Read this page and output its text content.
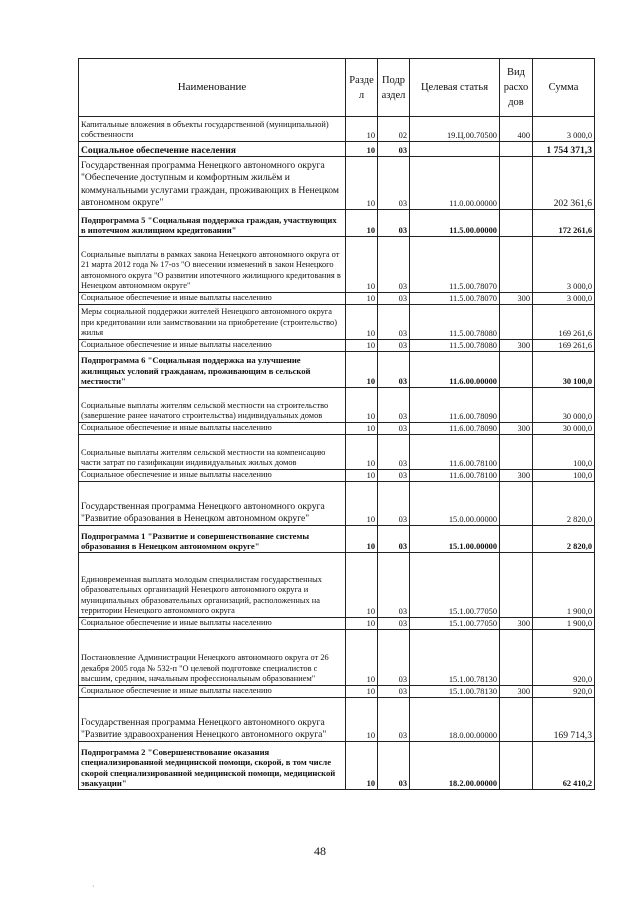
Наименование	Разде л	Подр аздел	Целевая статья	Вид расхо дов	Сумма
Капитальные вложения в объекты государственной (муниципальной) собственности	10	02	19.Ц.00.70500	400	3 000,0
Социальное обеспечение населения	10	03			1 754 371,3
Государственная программа Ненецкого автономного округа "Обеспечение доступным и комфортным жильём и коммунальными услугами граждан, проживающих в Ненецком автономном округе"	10	03	11.0.00.00000		202 361,6
Подпрограмма 5 "Социальная поддержка граждан, участвующих в ипотечном жилищном кредитовании"	10	03	11.5.00.00000		172 261,6
Социальные выплаты в рамках закона Ненецкого автономного округа от 21 марта 2012 года № 17-оз "О внесении изменений в закон Ненецкого автономного округа "О развитии ипотечного жилищного кредитования в Ненецком автономном округе"	10	03	11.5.00.78070		3 000,0
Социальное обеспечение и иные выплаты населению	10	03	11.5.00.78070	300	3 000,0
Меры социальной поддержки жителей Ненецкого автономного округа при кредитовании или заимствовании на приобретение (строительство) жилья	10	03	11.5.00.78080		169 261,6
Социальное обеспечение и иные выплаты населению	10	03	11.5.00.78080	300	169 261,6
Подпрограмма 6 "Социальная поддержка на улучшение жилищных условий гражданам, проживающим в сельской местности"	10	03	11.6.00.00000		30 100,0
Социальные выплаты жителям сельской местности на строительство (завершение ранее начатого строительства) индивидуальных домов	10	03	11.6.00.78090		30 000,0
Социальное обеспечение и иные выплаты населению	10	03	11.6.00.78090	300	30 000,0
Социальные выплаты жителям сельской местности на компенсацию части затрат по газификации индивидуальных жилых домов	10	03	11.6.00.78100		100,0
Социальное обеспечение и иные выплаты населению	10	03	11.6.00.78100	300	100,0
Государственная программа Ненецкого автономного округа "Развитие образования в Ненецком автономном округе"	10	03	15.0.00.00000		2 820,0
Подпрограмма 1 "Развитие и совершенствование системы образования в Ненецком автономном округе"	10	03	15.1.00.00000		2 820,0
Единовременная выплата молодым специалистам государственных образовательных организаций Ненецкого автономного округа и муниципальных образовательных организаций, расположенных на территории Ненецкого автономного округа	10	03	15.1.00.77050		1 900,0
Социальное обеспечение и иные выплаты населению	10	03	15.1.00.77050	300	1 900,0
Постановление Администрации Ненецкого автономного округа от 26 декабря 2005 года № 532-п "О целевой подготовке специалистов с высшим, средним, начальным профессиональным образованием"	10	03	15.1.00.78130		920,0
Социальное обеспечение и иные выплаты населению	10	03	15.1.00.78130	300	920,0
Государственная программа Ненецкого автономного округа "Развитие здравоохранения Ненецкого автономного округа"	10	03	18.0.00.00000		169 714,3
Подпрограмма 2 "Совершенствование оказания специализированной медицинской помощи, скорой, в том числе скорой специализированной медицинской помощи, медицинской эвакуации"	10	03	18.2.00.00000		62 410,2
48
·
